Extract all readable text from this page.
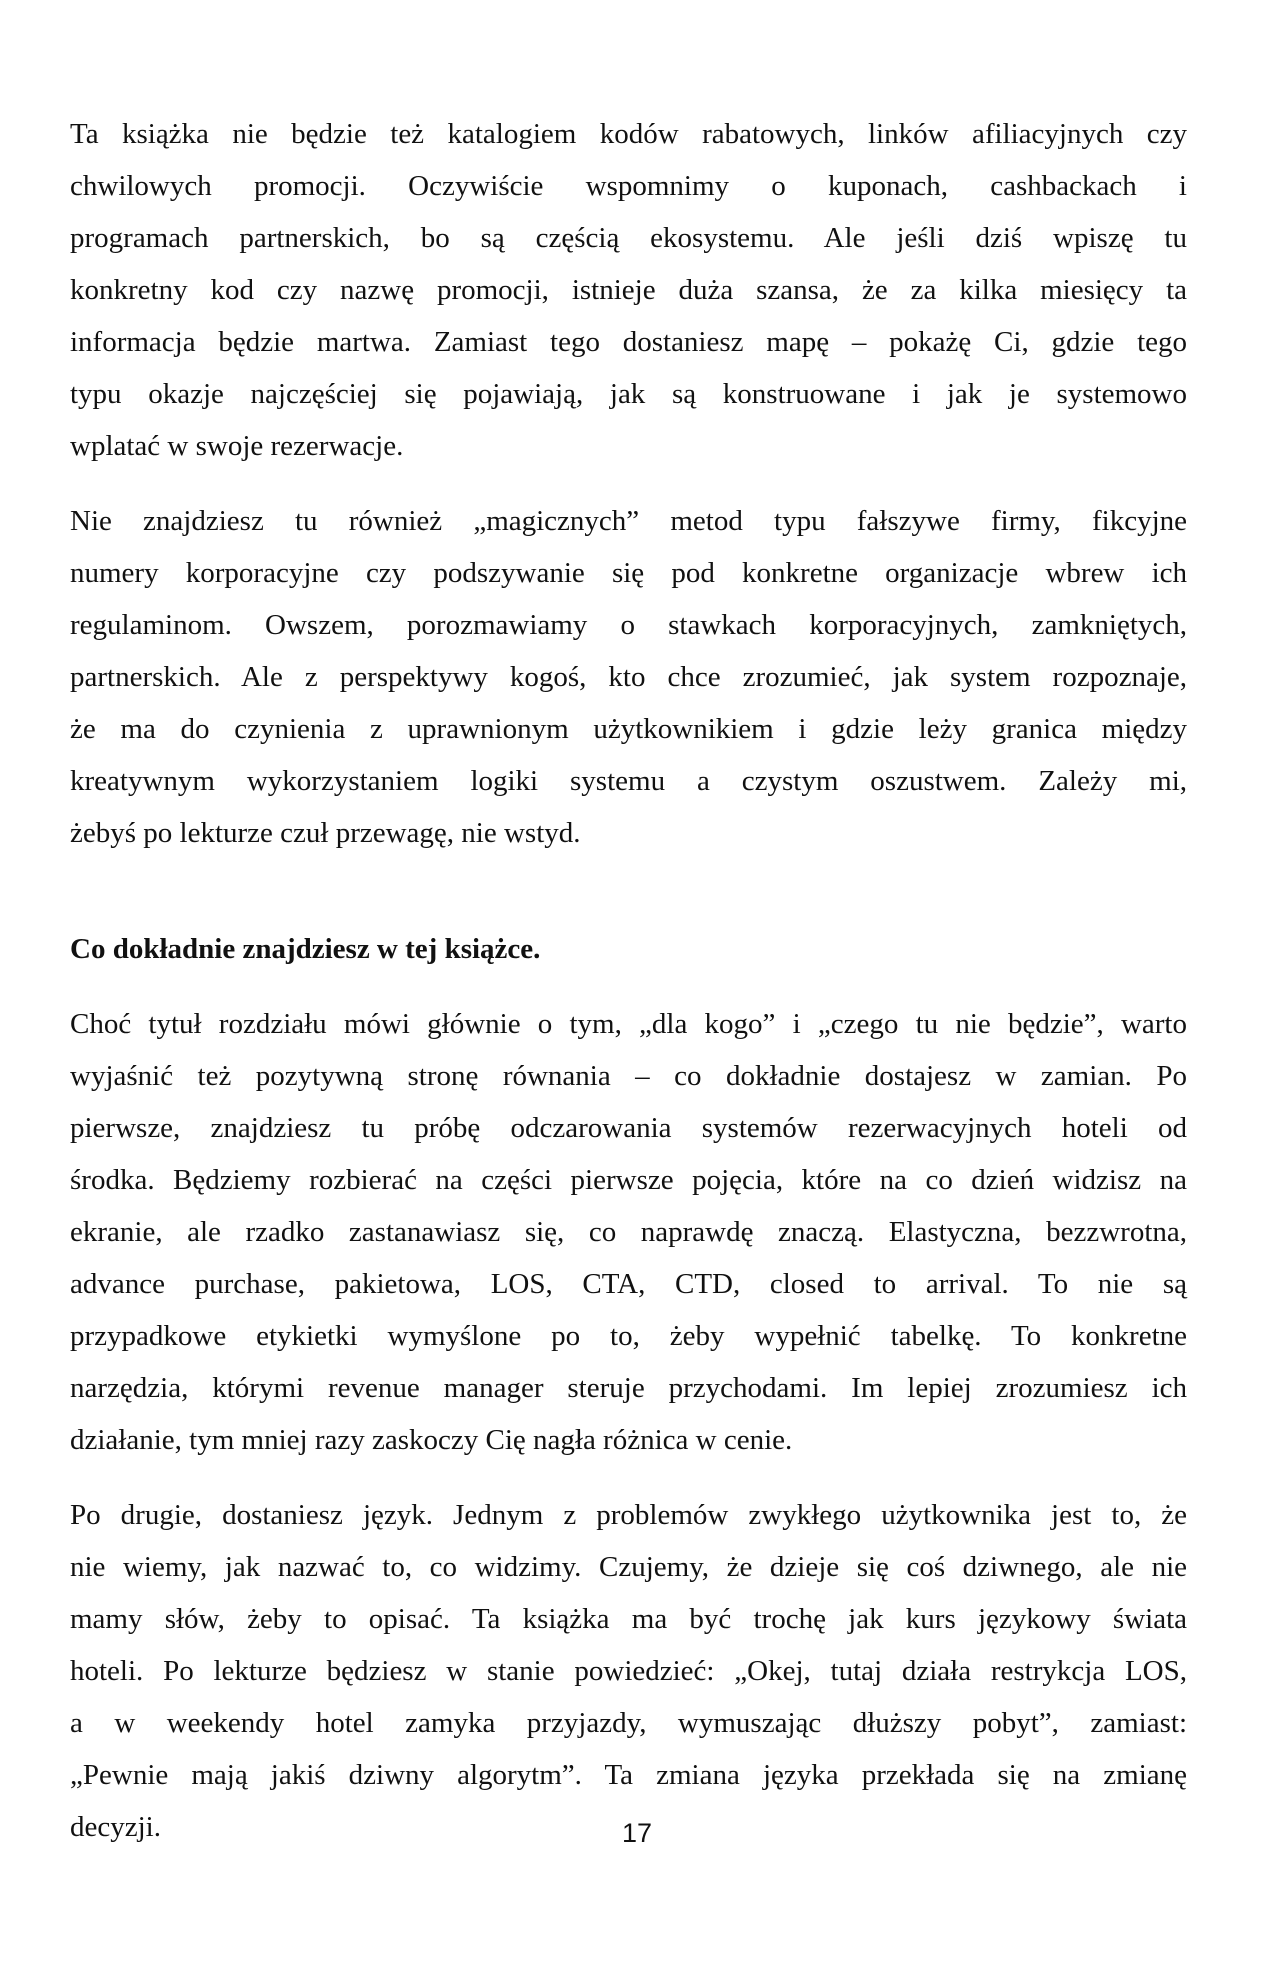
Ta książka nie będzie też katalogiem kodów rabatowych, linków afiliacyjnych czy
chwilowych promocji. Oczywiście wspomnimy o kuponach, cashbackach i
programach partnerskich, bo są częścią ekosystemu. Ale jeśli dziś wpiszę tu
konkretny kod czy nazwę promocji, istnieje duża szansa, że za kilka miesięcy ta
informacja będzie martwa. Zamiast tego dostaniesz mapę – pokażę Ci, gdzie tego
typu okazje najczęściej się pojawiają, jak są konstruowane i jak je systemowo
wplatać w swoje rezerwacje.
Nie znajdziesz tu również „magicznych” metod typu fałszywe firmy, fikcyjne
numery korporacyjne czy podszywanie się pod konkretne organizacje wbrew ich
regulaminom. Owszem, porozmawiamy o stawkach korporacyjnych, zamkniętych,
partnerskich. Ale z perspektywy kogoś, kto chce zrozumieć, jak system rozpoznaje,
że ma do czynienia z uprawnionym użytkownikiem i gdzie leży granica między
kreatywnym wykorzystaniem logiki systemu a czystym oszustwem. Zależy mi,
żebyś po lekturze czuł przewagę, nie wstyd.
Co dokładnie znajdziesz w tej książce.
Choć tytuł rozdziału mówi głównie o tym, „dla kogo” i „czego tu nie będzie”, warto
wyjaśnić też pozytywną stronę równania – co dokładnie dostajesz w zamian. Po
pierwsze, znajdziesz tu próbę odczarowania systemów rezerwacyjnych hoteli od
środka. Będziemy rozbierać na części pierwsze pojęcia, które na co dzień widzisz na
ekranie, ale rzadko zastanawiasz się, co naprawdę znaczą. Elastyczna, bezzwrotna,
advance purchase, pakietowa, LOS, CTA, CTD, closed to arrival. To nie są
przypadkowe etykietki wymyślone po to, żeby wypełnić tabelkę. To konkretne
narzędzia, którymi revenue manager steruje przychodami. Im lepiej zrozumiesz ich
działanie, tym mniej razy zaskoczy Cię nagła różnica w cenie.
Po drugie, dostaniesz język. Jednym z problemów zwykłego użytkownika jest to, że
nie wiemy, jak nazwać to, co widzimy. Czujemy, że dzieje się coś dziwnego, ale nie
mamy słów, żeby to opisać. Ta książka ma być trochę jak kurs językowy świata
hoteli. Po lekturze będziesz w stanie powiedzieć: „Okej, tutaj działa restrykcja LOS,
a w weekendy hotel zamyka przyjazdy, wymuszając dłuższy pobyt”, zamiast:
„Pewnie mają jakiś dziwny algorytm”. Ta zmiana języka przekłada się na zmianę
decyzji.	17
